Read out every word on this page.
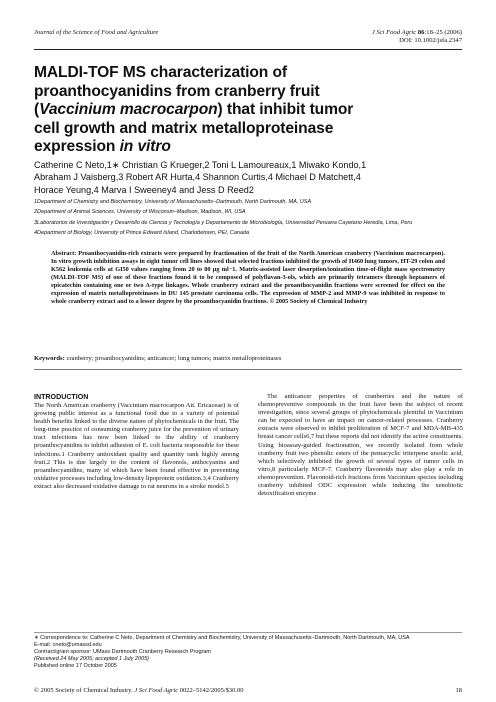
Journal of the Science of Food and Agriculture	J Sci Food Agric 86:18–25 (2006)
DOI: 10.1002/jsfa.2347
MALDI-TOF MS characterization of
proanthocyanidins from cranberry fruit
(Vaccinium macrocarpon) that inhibit tumor
cell growth and matrix metalloproteinase
expression in vitro
Catherine C Neto,1∗ Christian G Krueger,2 Toni L Lamoureaux,1 Miwako Kondo,1
Abraham J Vaisberg,3 Robert AR Hurta,4 Shannon Curtis,4 Michael D Matchett,4
Horace Yeung,4 Marva I Sweeney4 and Jess D Reed2

1Department of Chemistry and Biochemistry, University of Massachusetts–Dartmouth, North Dartmouth, MA, USA

2Department of Animal Sciences, University of Wisconsin–Madison, Madison, WI, USA

3Laboratorios de Investigación y Desarrollo de Ciencia y Tecnología y Departamento de Microbiología, Universidad Peruana Cayetano Heredia, Lima, Peru

4Department of Biology, University of Prince Edward Island, Charlottetown, PEI, Canada

Abstract: Proanthocyanidin-rich extracts were prepared by fractionation of the fruit of the North American cranberry (Vaccinium macrocarpon). In vitro growth inhibition assays in eight tumor cell lines showed that selected fractions inhibited the growth of H460 lung tumors, HT-29 colon and K562 leukemia cells at GI50 values ranging from 20 to 80 µg ml−1. Matrix-assisted laser desorption/ionization time-of-flight mass spectrometry (MALDI-TOF MS) of one of these fractions found it to be composed of polyflavan-3-ols, which are primarily tetramers through heptamers of epicatechin containing one or two A-type linkages. Whole cranberry extract and the proanthocyanidin fractions were screened for effect on the expression of matrix metalloproteinases in DU 145 prostate carcinoma cells. The expression of MMP-2 and MMP-9 was inhibited in response to whole cranberry extract and to a lesser degree by the proanthocyanidin fractions. © 2005 Society of Chemical Industry
Keywords: cranberry; proanthocyanidins; anticancer; lung tumors; matrix metalloproteinases
INTRODUCTION

The North American cranberry (Vaccinium macrocarpon Ait. Ericaceae) is of growing public interest as a functional food due to a variety of potential health benefits linked to the diverse nature of phytochemicals in the fruit. The long-time practice of consuming cranberry juice for the prevention of urinary tract infections has now been linked to the ability of cranberry proanthocyanidins to inhibit adhesion of E. coli bacteria responsible for these infections.1 Cranberry antioxidant quality and quantity rank highly among fruit.2 This is due largely to the content of flavonols, anthocyanins and proanthocyanidins, many of which have been found effective in preventing oxidative processes including low-density lipoprotein oxidation.3,4 Cranberry extract also decreased oxidative damage to rat neurons in a stroke model.5

The anticancer properties of cranberries and the nature of chemopreventive compounds in the fruit have been the subject of recent investigation, since several groups of phytochemicals plentiful in Vaccinium can be expected to have an impact on cancer-related processes. Cranberry extracts were observed to inhibit proliferation of MCF-7 and MDA-MB-435 breast cancer cells6,7 but these reports did not identify the active constituents. Using bioassay-guided fractionation, we recently isolated from whole cranberry fruit two phenolic esters of the pentacyclic triterpene ursolic acid, which selectively inhibited the growth of several types of tumor cells in vitro,8 particularly MCF-7. Cranberry flavonoids may also play a role in chemoprevention. Flavonoid-rich fractions from Vaccinium species including cranberry inhibited ODC expression while inducing the xenobiotic detoxification enzyme

∗ Correspondence to: Catherine C Neto, Department of Chemistry and Biochemistry, University of Massachusetts–Dartmouth, North Dartmouth, MA, USA

E-mail: cneto@umassd.edu

Contract/grant sponsor: UMass Dartmouth Cranberry Research Program

(Received 24 May 2005; accepted 1 July 2005)

Published online 17 October 2005

© 2005 Society of Chemical Industry. J Sci Food Agric 0022–5142/2005/$30.00	18
